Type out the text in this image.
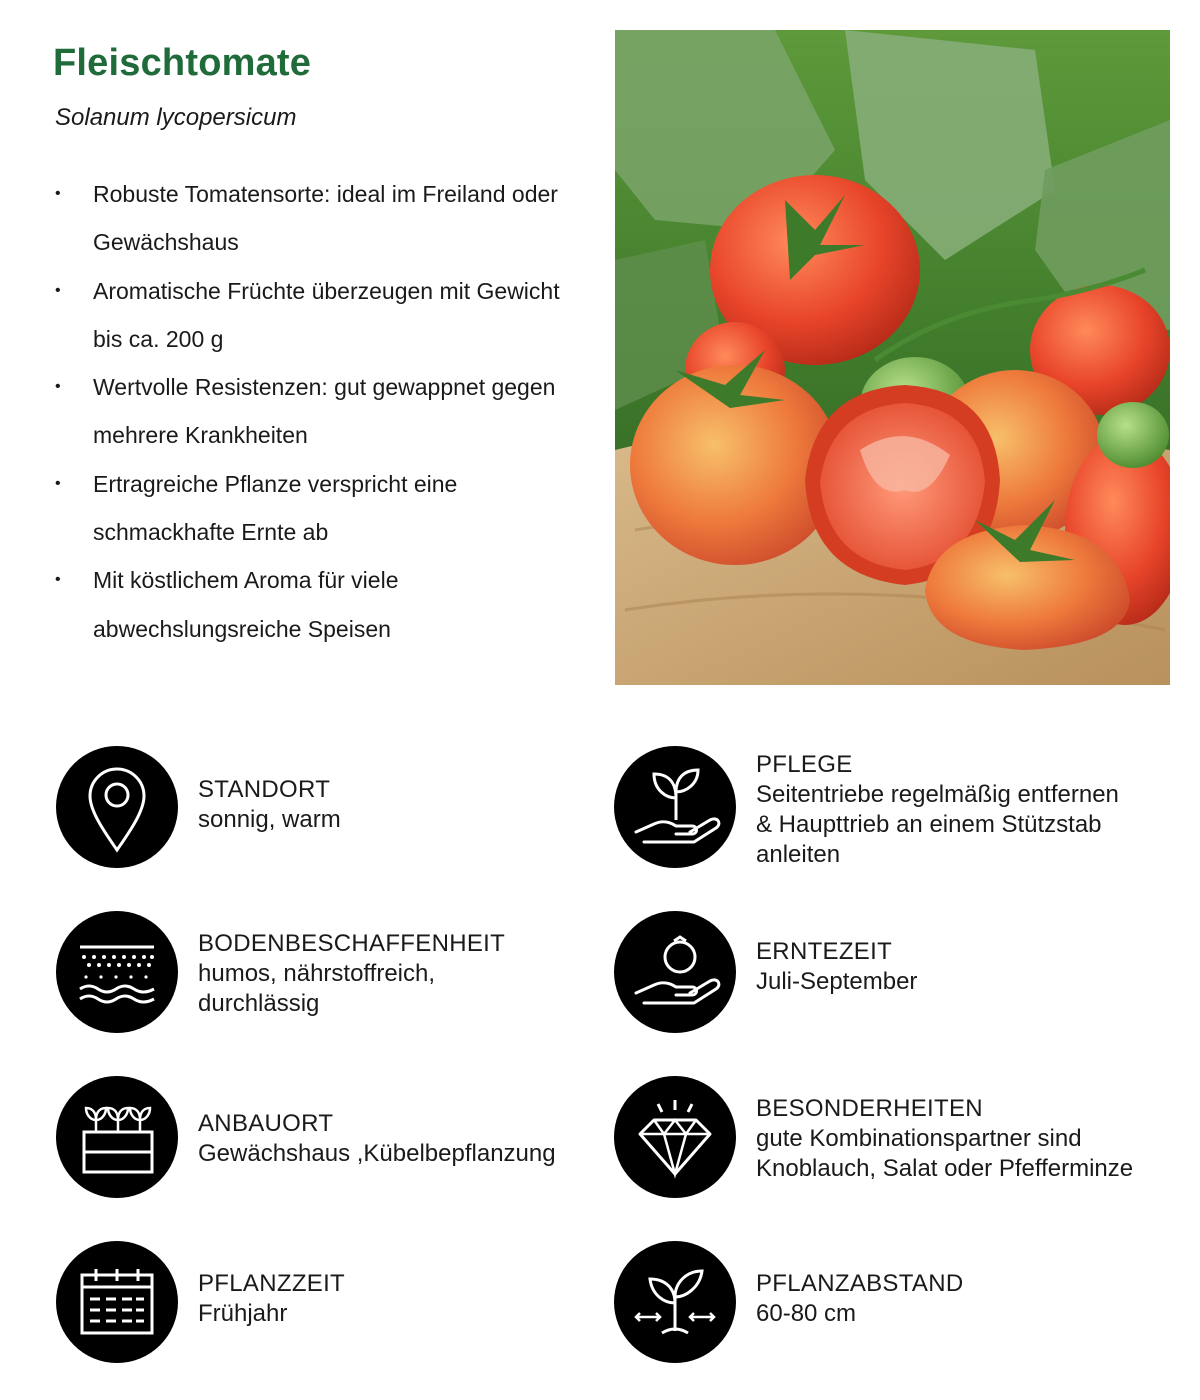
Fleischtomate
Solanum lycopersicum
• Robuste Tomatensorte: ideal im Freiland oder Gewächshaus
• Aromatische Früchte überzeugen mit Gewicht bis ca. 200 g
• Wertvolle Resistenzen: gut gewappnet gegen mehrere Krankheiten
• Ertragreiche Pflanze verspricht eine schmackhafte Ernte ab
• Mit köstlichem Aroma für viele abwechslungsreiche Speisen
STANDORT
sonnig, warm
PFLEGE
Seitentriebe regelmäßig entfernen
& Haupttrieb an einem Stützstab
anleiten
BODENBESCHAFFENHEIT
humos, nährstoffreich,
durchlässig
ERNTEZEIT
Juli-September
ANBAUORT
Gewächshaus ,Kübelbepflanzung
BESONDERHEITEN
gute Kombinationspartner sind
Knoblauch, Salat oder Pfefferminze
PFLANZZEIT
Frühjahr
PFLANZABSTAND
60-80 cm
